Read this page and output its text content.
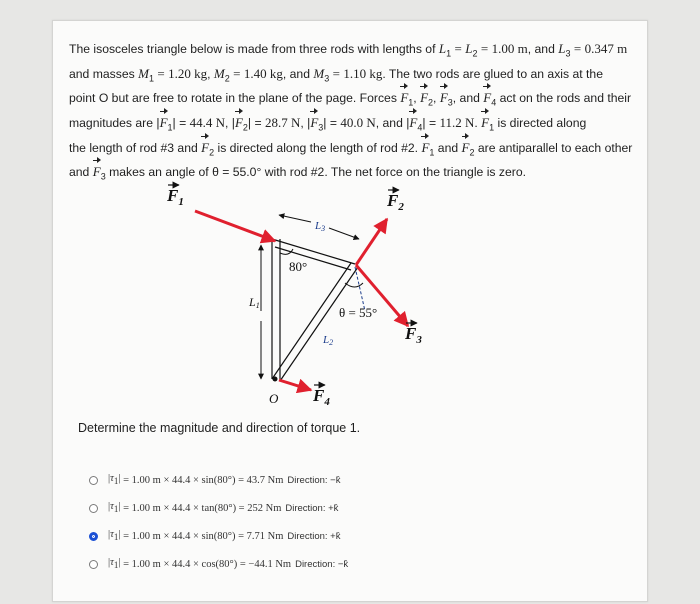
The isosceles triangle below is made from three rods with lengths of $L_1 = L_2 = 1.00$ m, and $L_3 = 0.347$ m

and masses $M_1 = 1.20$ kg, $M_2 = 1.40$ kg, and $M_3 = 1.10$ kg. The two rods are glued to an axis at the

point O but are free to rotate in the plane of the page. Forces $F_1$, $F_2$, $F_3$, and $F_4$ act on the rods and their

magnitudes are $|F_1| = 44.4$ N, $|F_2| = 28.7$ N, $|F_3| = 40.0$ N, and $|F_4| = 11.2$ N. $F_1$ is directed along

the length of rod #3 and $F_2$ is directed along the length of rod #2. $F_1$ and $F_2$ are antiparallel to each other

and $F_3$ makes an angle of θ = 55.0° with rod #2. The net force on the triangle is zero.

$F_1$	$F_2$
$F_3$
$F_4$
L1
L2
L3
80°
θ = 55°
O
Determine the magnitude and direction of torque 1.
$|\tau_1| = 1.00$ m × 44.4 × sin(80°) = 43.7 Nm Direction: −k̂
$|\tau_1| = 1.00$ m × 44.4 × tan(80°) = 252 Nm Direction: +k̂
$|\tau_1| = 1.00$ m × 44.4 × sin(80°) = 7.71 Nm Direction: +k̂
$|\tau_1| = 1.00$ m × 44.4 × cos(80°) = −44.1 Nm Direction: −k̂
